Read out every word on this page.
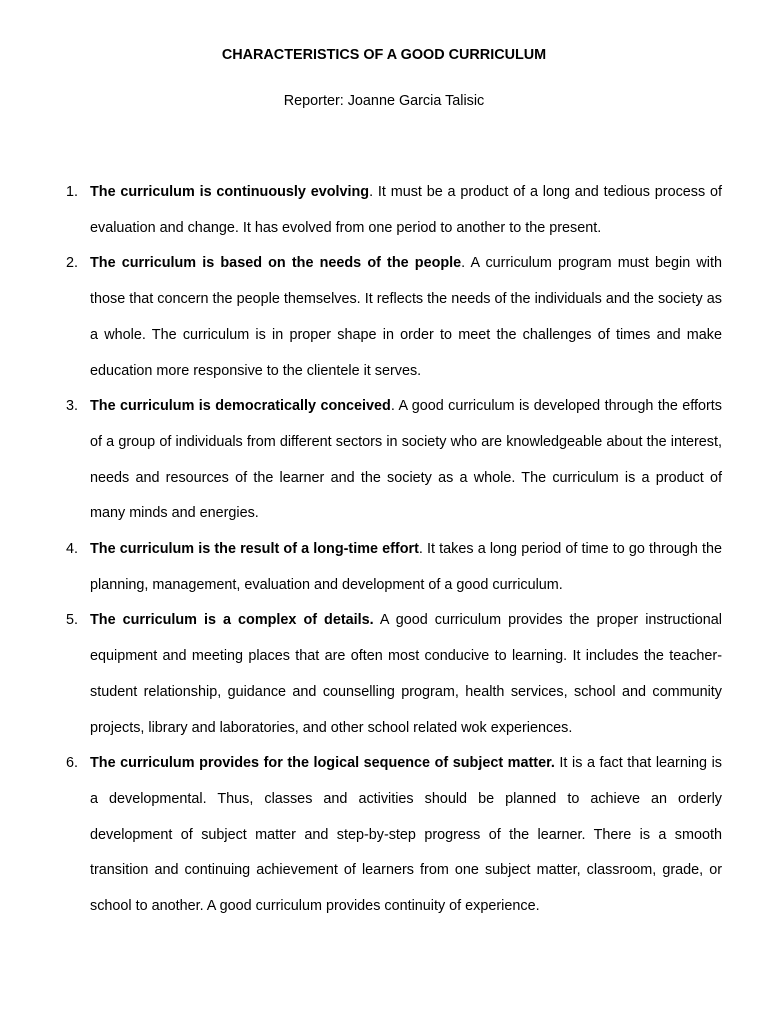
CHARACTERISTICS OF A GOOD CURRICULUM
Reporter: Joanne Garcia Talisic
1. The curriculum is continuously evolving. It must be a product of a long and tedious process of evaluation and change. It has evolved from one period to another to the present.
2. The curriculum is based on the needs of the people. A curriculum program must begin with those that concern the people themselves. It reflects the needs of the individuals and the society as a whole. The curriculum is in proper shape in order to meet the challenges of times and make education more responsive to the clientele it serves.
3. The curriculum is democratically conceived. A good curriculum is developed through the efforts of a group of individuals from different sectors in society who are knowledgeable about the interest, needs and resources of the learner and the society as a whole. The curriculum is a product of many minds and energies.
4. The curriculum is the result of a long-time effort. It takes a long period of time to go through the planning, management, evaluation and development of a good curriculum.
5. The curriculum is a complex of details. A good curriculum provides the proper instructional equipment and meeting places that are often most conducive to learning. It includes the teacher-student relationship, guidance and counselling program, health services, school and community projects, library and laboratories, and other school related wok experiences.
6. The curriculum provides for the logical sequence of subject matter. It is a fact that learning is a developmental. Thus, classes and activities should be planned to achieve an orderly development of subject matter and step-by-step progress of the learner. There is a smooth transition and continuing achievement of learners from one subject matter, classroom, grade, or school to another. A good curriculum provides continuity of experience.
